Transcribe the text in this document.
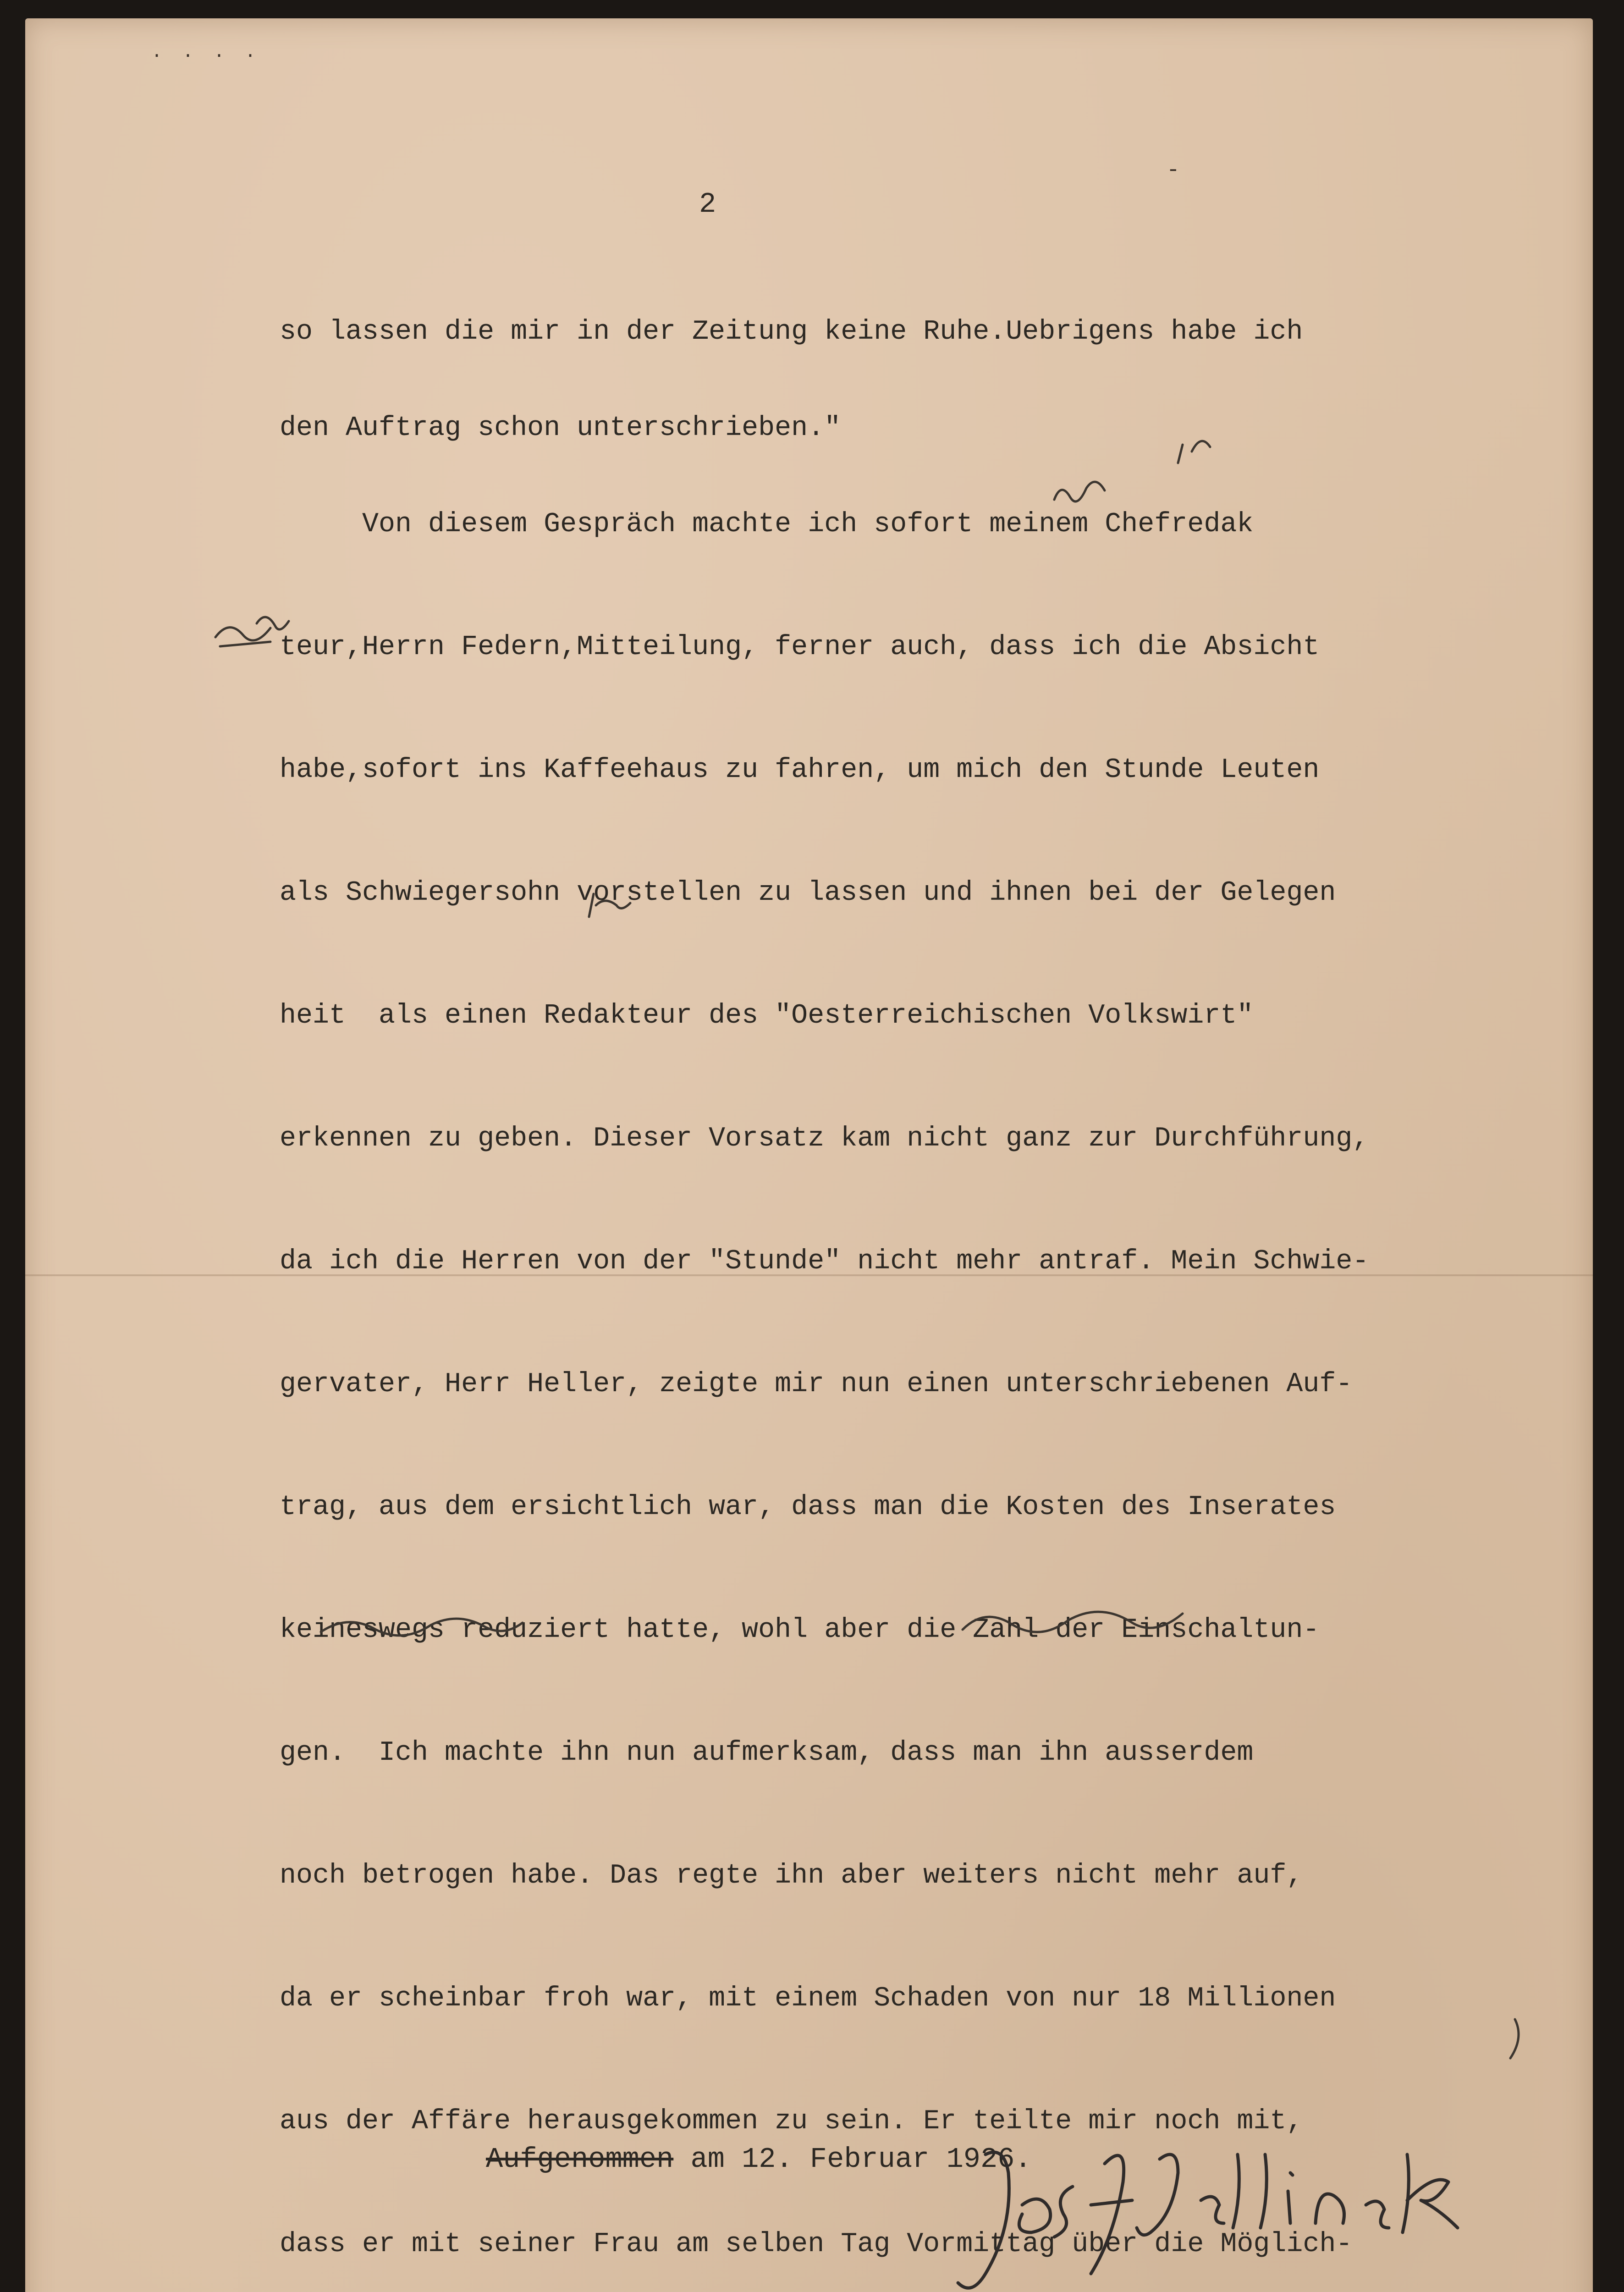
· · · ·
-
2

so lassen die mir in der Zeitung keine Ruhe.Uebrigens habe ich

den Auftrag schon unterschrieben."

Von diesem Gespräch machte ich sofort meinem Chefredak

teur,Herrn Federn,Mitteilung, ferner auch, dass ich die Absicht

habe,sofort ins Kaffeehaus zu fahren, um mich den Stunde Leuten

als Schwiegersohn vorstellen zu lassen und ihnen bei der Gelegen

heit  als einen Redakteur des "Oesterreichischen Volkswirt"

erkennen zu geben. Dieser Vorsatz kam nicht ganz zur Durchführung,

da ich die Herren von der "Stunde" nicht mehr antraf. Mein Schwie-

gervater, Herr Heller, zeigte mir nun einen unterschriebenen Auf-

trag, aus dem ersichtlich war, dass man die Kosten des Inserates

keineswegs reduziert hatte, wohl aber die Zahl der Einschaltun-

gen.  Ich machte ihn nun aufmerksam, dass man ihn ausserdem

noch betrogen habe. Das regte ihn aber weiters nicht mehr auf,

da er scheinbar froh war, mit einem Schaden von nur 18 Millionen

aus der Affäre herausgekommen zu sein. Er teilte mir noch mit,

dass er mit seiner Frau am selben Tag Vormittag über die Möglich-

Aufgenommen am 12. Februar 1926.
